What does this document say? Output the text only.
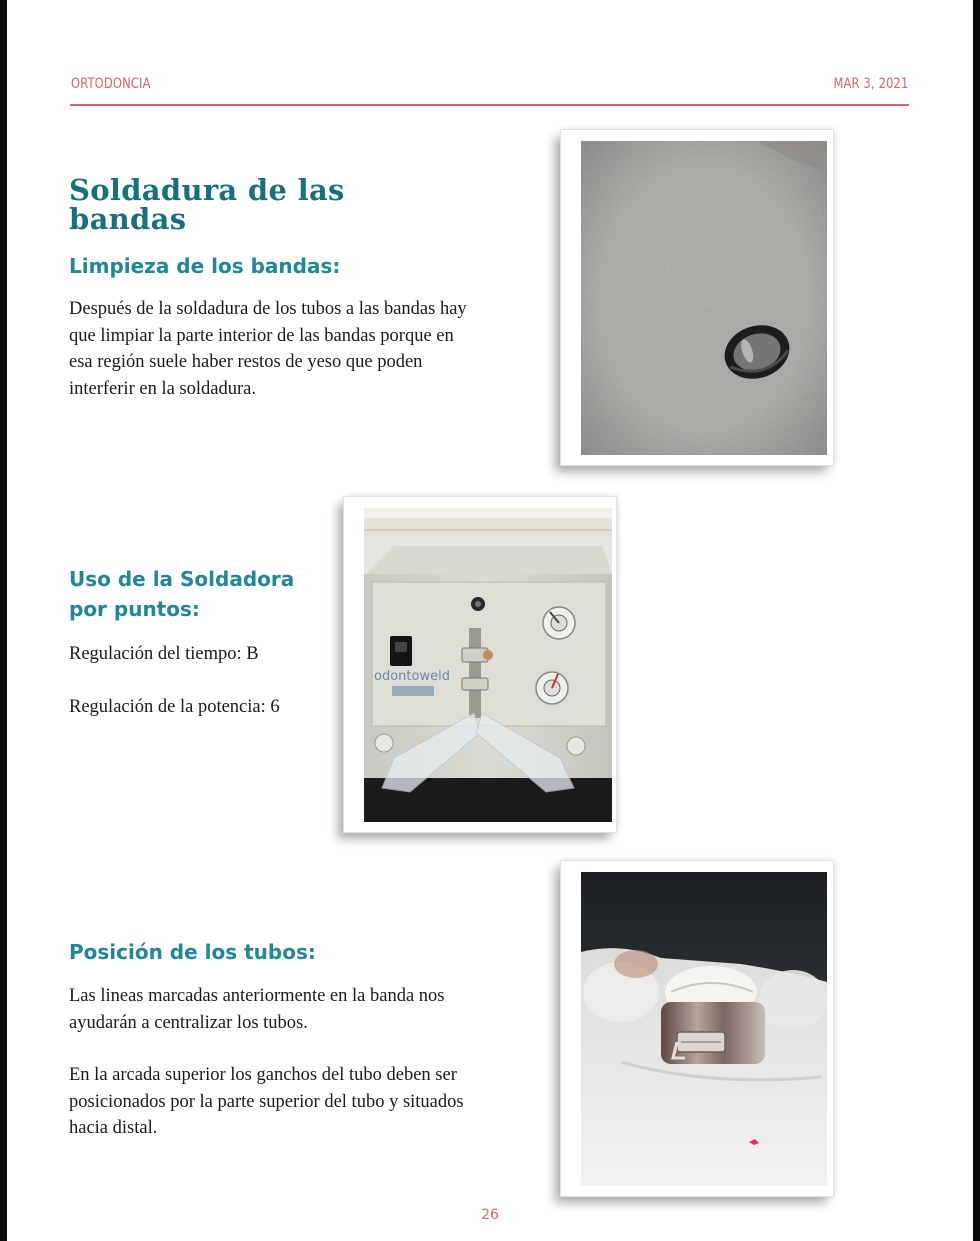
ORTODONCIA	MAR 3, 2021
Soldadura de las bandas
Limpieza de los bandas:

Después de la soldadura de los tubos a las bandas hay que limpiar la parte interior de las bandas porque en esa región suele haber restos de yeso que poden interferir en la soldadura.

Uso de la Soldadora por puntos:

Regulación del tiempo: B

Regulación de la potencia: 6

Posición de los tubos:

Las lineas marcadas anteriormente en la banda nos ayudarán a centralizar los tubos.

En la arcada superior los ganchos del tubo deben ser posicionados por la parte superior del tubo y situados hacia distal.

odontoweld
26
